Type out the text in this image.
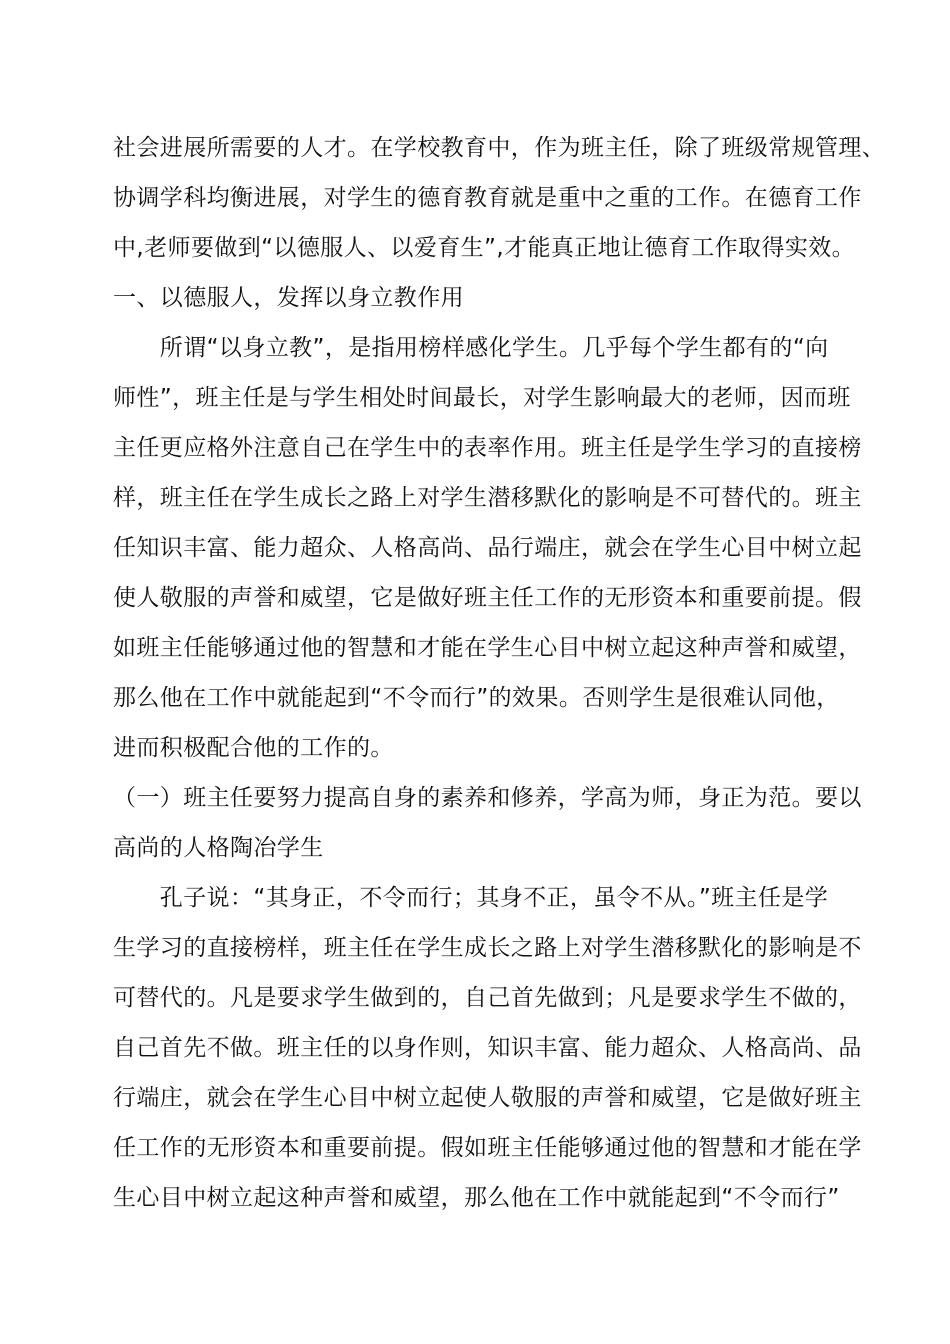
社会进展所需要的人才。在学校教育中，作为班主任，除了班级常规管理、
协调学科均衡进展，对学生的德育教育就是重中之重的工作。在德育工作
中,老师要做到“以德服人、以爱育生”,才能真正地让德育工作取得实效。
一、以德服人，发挥以身立教作用
　　所谓“以身立教”，是指用榜样感化学生。几乎每个学生都有的“向
师性”，班主任是与学生相处时间最长，对学生影响最大的老师，因而班
主任更应格外注意自己在学生中的表率作用。班主任是学生学习的直接榜
样，班主任在学生成长之路上对学生潜移默化的影响是不可替代的。班主
任知识丰富、能力超众、人格高尚、品行端庄，就会在学生心目中树立起
使人敬服的声誉和威望，它是做好班主任工作的无形资本和重要前提。假
如班主任能够通过他的智慧和才能在学生心目中树立起这种声誉和威望，
那么他在工作中就能起到“不令而行”的效果。否则学生是很难认同他，
进而积极配合他的工作的。
（一）班主任要努力提高自身的素养和修养，学高为师，身正为范。要以
高尚的人格陶冶学生
　　孔子说：“其身正，不令而行；其身不正，虽令不从。”班主任是学
生学习的直接榜样，班主任在学生成长之路上对学生潜移默化的影响是不
可替代的。凡是要求学生做到的，自己首先做到；凡是要求学生不做的，
自己首先不做。班主任的以身作则，知识丰富、能力超众、人格高尚、品
行端庄，就会在学生心目中树立起使人敬服的声誉和威望，它是做好班主
任工作的无形资本和重要前提。假如班主任能够通过他的智慧和才能在学
生心目中树立起这种声誉和威望，那么他在工作中就能起到“不令而行”
